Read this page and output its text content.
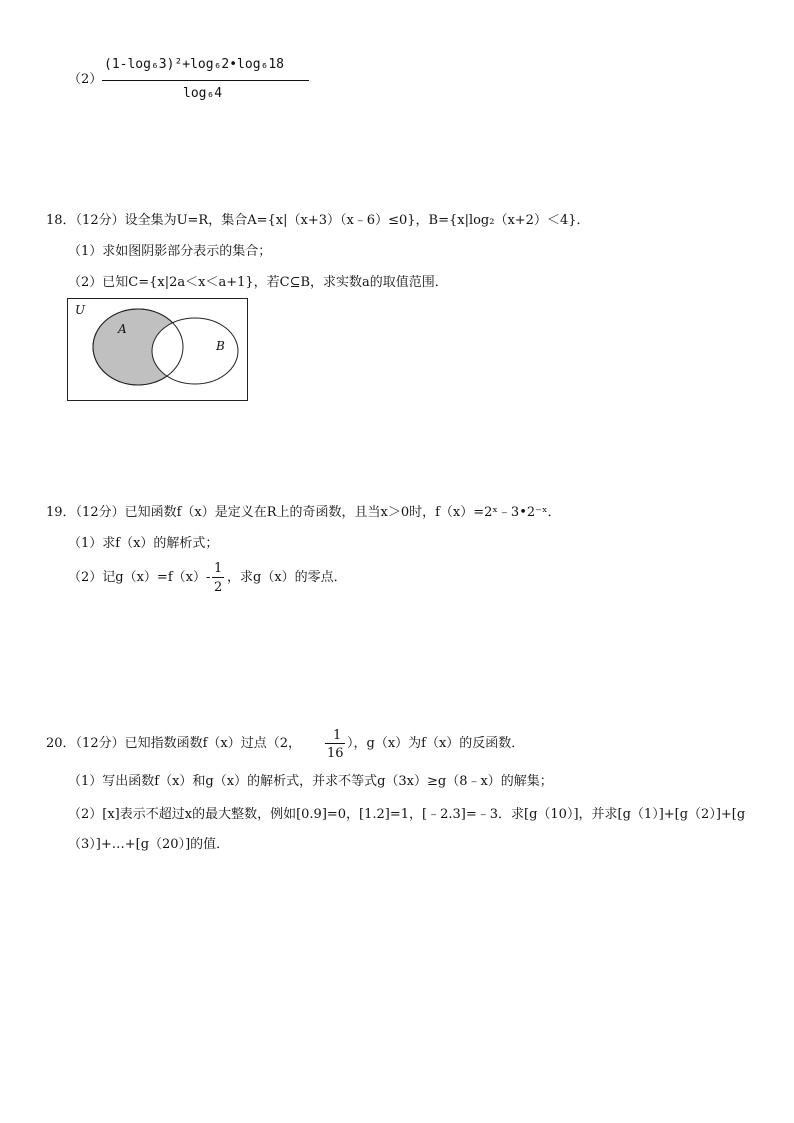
（2）
(1-log₆3)²+log₆2•log₆18
log₆4
18．（12分）设全集为U=R，集合A={x|（x+3）（x﹣6）≤0}，B={x|log₂（x+2）＜4}．
（1）求如图阴影部分表示的集合；
（2）已知C={x|2a＜x＜a+1}，若C⊆B，求实数a的取值范围．
U
A
B
19．（12分）已知函数f（x）是定义在R上的奇函数，且当x＞0时，f（x）=2ˣ﹣3•2⁻ˣ．
（1）求f（x）的解析式；
（2）记g（x）=f（x）-
1
2
，求g（x）的零点．
20．（12分）已知指数函数f（x）过点（2，
1
16
），g（x）为f（x）的反函数．
（1）写出函数f（x）和g（x）的解析式，并求不等式g（3x）≥g（8﹣x）的解集；
（2）[x]表示不超过x的最大整数，例如[0.9]=0，[1.2]=1，[﹣2.3]=﹣3．求[g（10）]，并求[g（1）]+[g（2）]+[g
（3）]+…+[g（20）]的值．
